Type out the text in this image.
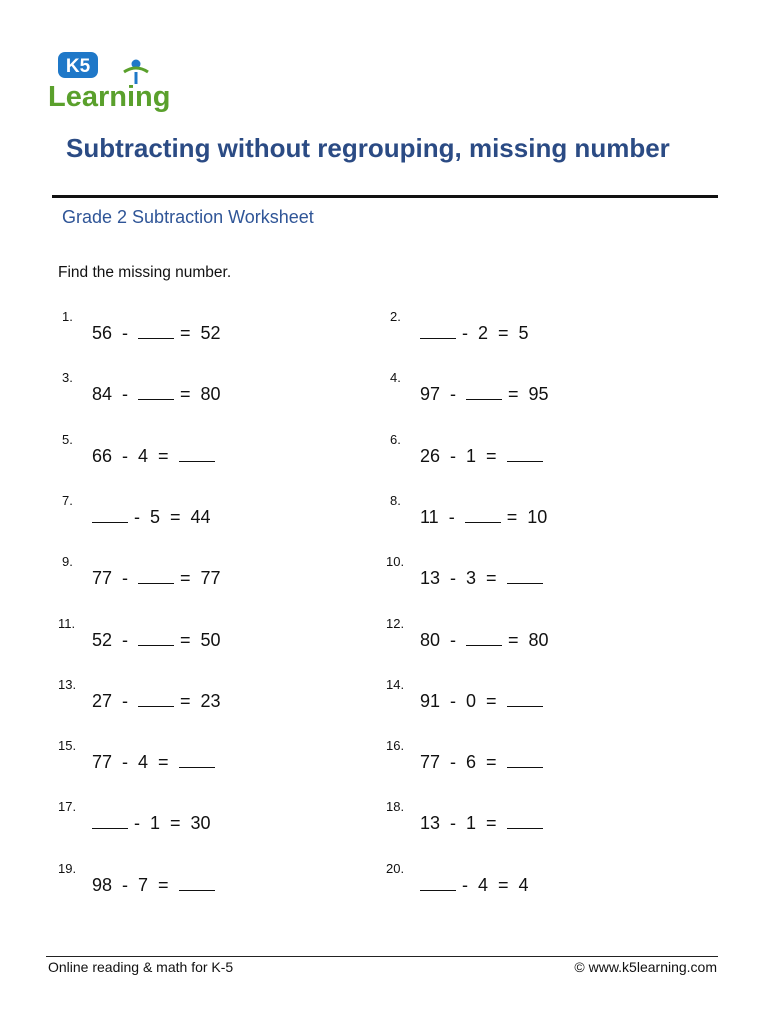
K5
Learning
Subtracting without regrouping, missing number
Grade 2 Subtraction Worksheet
Find the missing number.
1.
56 -	= 52
2.
- 2 = 5
3.
84 -	= 80
4.
97 -	= 95
5.
66 - 4 =
6.
26 - 1 =
7.
- 5 = 44
8.
11 -	= 10
9.
77 -	= 77
10.
13 - 3 =
11.
52 -	= 50
12.
80 -	= 80
13.
27 -	= 23
14.
91 - 0 =
15.
77 - 4 =
16.
77 - 6 =
17.
- 1 = 30
18.
13 - 1 =
19.
98 - 7 =
20.
- 4 = 4
Online reading & math for K-5	© www.k5learning.com
